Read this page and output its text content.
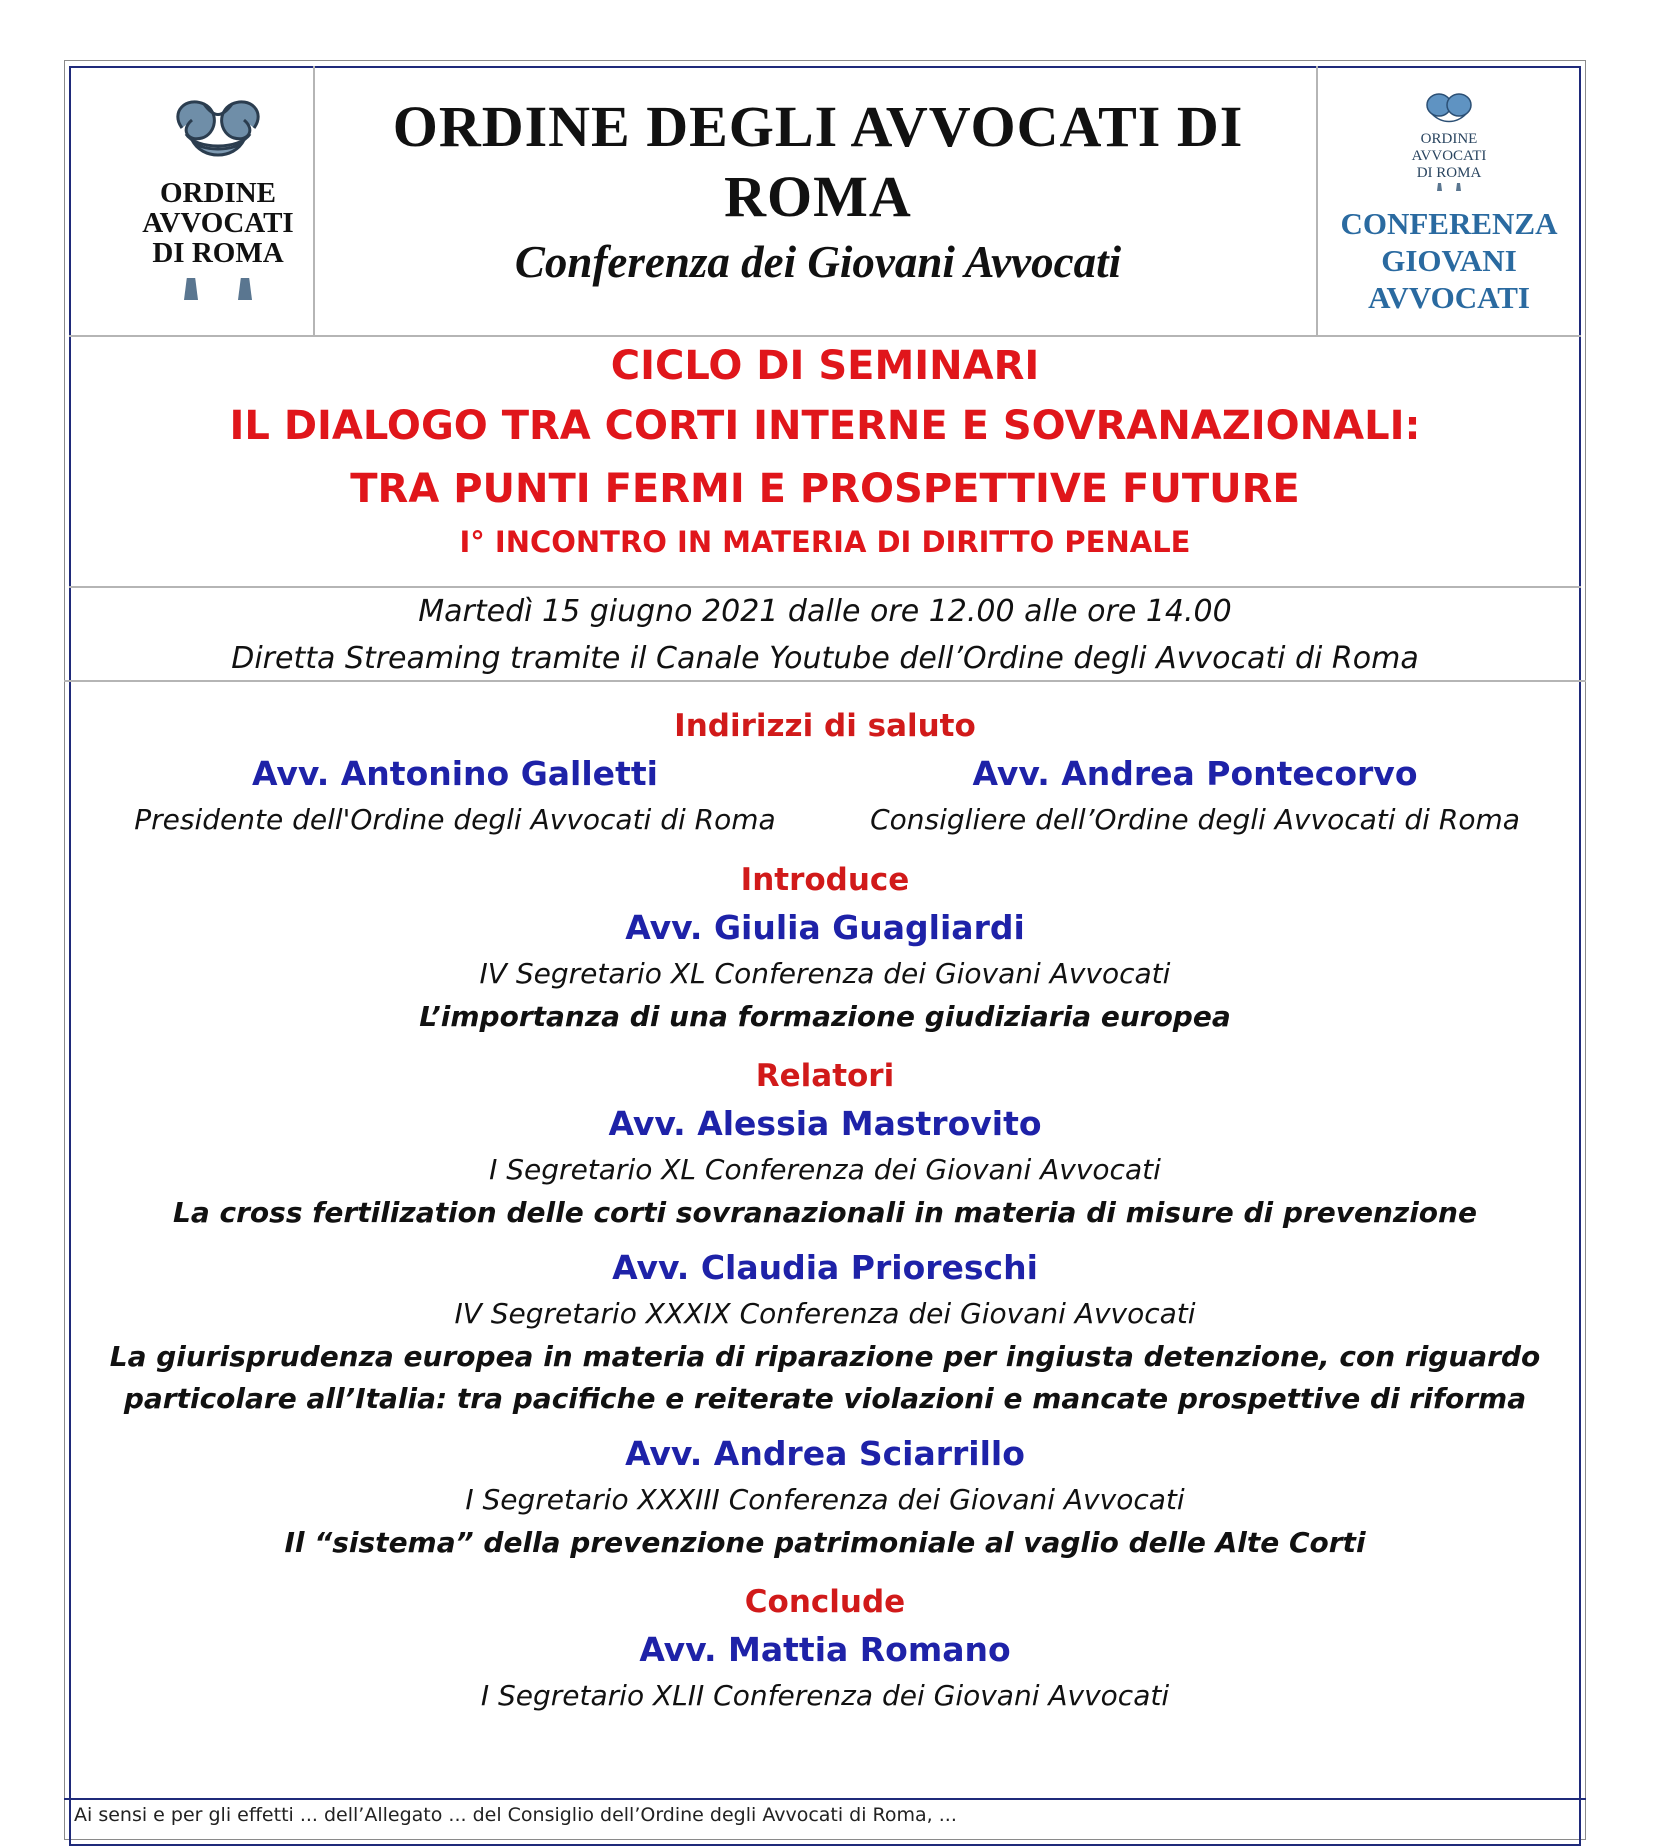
ORDINE
AVVOCATI
DI ROMA
ORDINE DEGLI AVVOCATI DI
ROMA
Conferenza dei Giovani Avvocati
ORDINE
AVVOCATI
DI ROMA
CONFERENZA
GIOVANI
AVVOCATI
CICLO DI SEMINARI
IL DIALOGO TRA CORTI INTERNE E SOVRANAZIONALI:
TRA PUNTI FERMI E PROSPETTIVE FUTURE
I° INCONTRO IN MATERIA DI DIRITTO PENALE
Martedì 15 giugno 2021 dalle ore 12.00 alle ore 14.00
Diretta Streaming tramite il Canale Youtube dell’Ordine degli Avvocati di Roma
Indirizzi di saluto
Avv. Antonino Galletti
Presidente dell'Ordine degli Avvocati di Roma
Avv. Andrea Pontecorvo
Consigliere dell’Ordine degli Avvocati di Roma
Introduce
Avv. Giulia Guagliardi
IV Segretario XL Conferenza dei Giovani Avvocati
L’importanza di una formazione giudiziaria europea
Relatori
Avv. Alessia Mastrovito
I Segretario XL Conferenza dei Giovani Avvocati
La cross fertilization delle corti sovranazionali in materia di misure di prevenzione
Avv. Claudia Prioreschi
IV Segretario XXXIX Conferenza dei Giovani Avvocati
La giurisprudenza europea in materia di riparazione per ingiusta detenzione, con riguardo
particolare all’Italia: tra pacifiche e reiterate violazioni e mancate prospettive di riforma
Avv. Andrea Sciarrillo
I Segretario XXXIII Conferenza dei Giovani Avvocati
Il “sistema” della prevenzione patrimoniale al vaglio delle Alte Corti
Conclude
Avv. Mattia Romano
I Segretario XLII Conferenza dei Giovani Avvocati
Ai sensi e per gli effetti ... dell’Allegato ... del Consiglio dell’Ordine degli Avvocati di Roma, ...
